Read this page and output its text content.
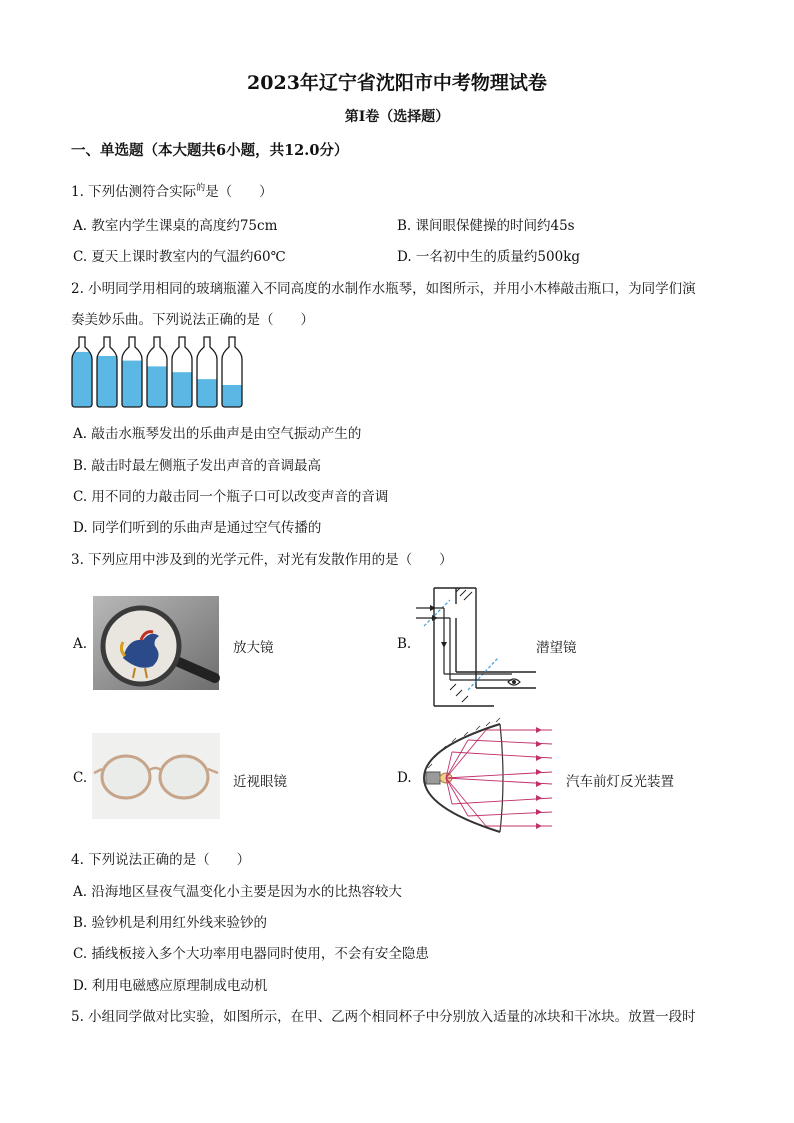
2023年辽宁省沈阳市中考物理试卷
第I卷（选择题）
一、单选题（本大题共6小题，共12.0分）
1. 下列估测符合实际$^的$是（　　）
A. 教室内学生课桌的高度约75cm	B. 课间眼保健操的时间约45s
C. 夏天上课时教室内的气温约60℃	D. 一名初中生的质量约500kg
2. 小明同学用相同的玻璃瓶灌入不同高度的水制作水瓶琴，如图所示，并用小木棒敲击瓶口，为同学们演
奏美妙乐曲。下列说法正确的是（　　）
A. 敲击水瓶琴发出的乐曲声是由空气振动产生的
B. 敲击时最左侧瓶子发出声音的音调最高
C. 用不同的力敲击同一个瓶子口可以改变声音的音调
D. 同学们听到的乐曲声是通过空气传播的
3. 下列应用中涉及到的光学元件，对光有发散作用的是（　　）
A.	放大镜	B.	潜望镜
C.	近视眼镜	D.	汽车前灯反光装置
4. 下列说法正确的是（　　）
A. 沿海地区昼夜气温变化小主要是因为水的比热容较大
B. 验钞机是利用红外线来验钞的
C. 插线板接入多个大功率用电器同时使用，不会有安全隐患
D. 利用电磁感应原理制成电动机
5. 小组同学做对比实验，如图所示，在甲、乙两个相同杯子中分别放入适量的冰块和干冰块。放置一段时
